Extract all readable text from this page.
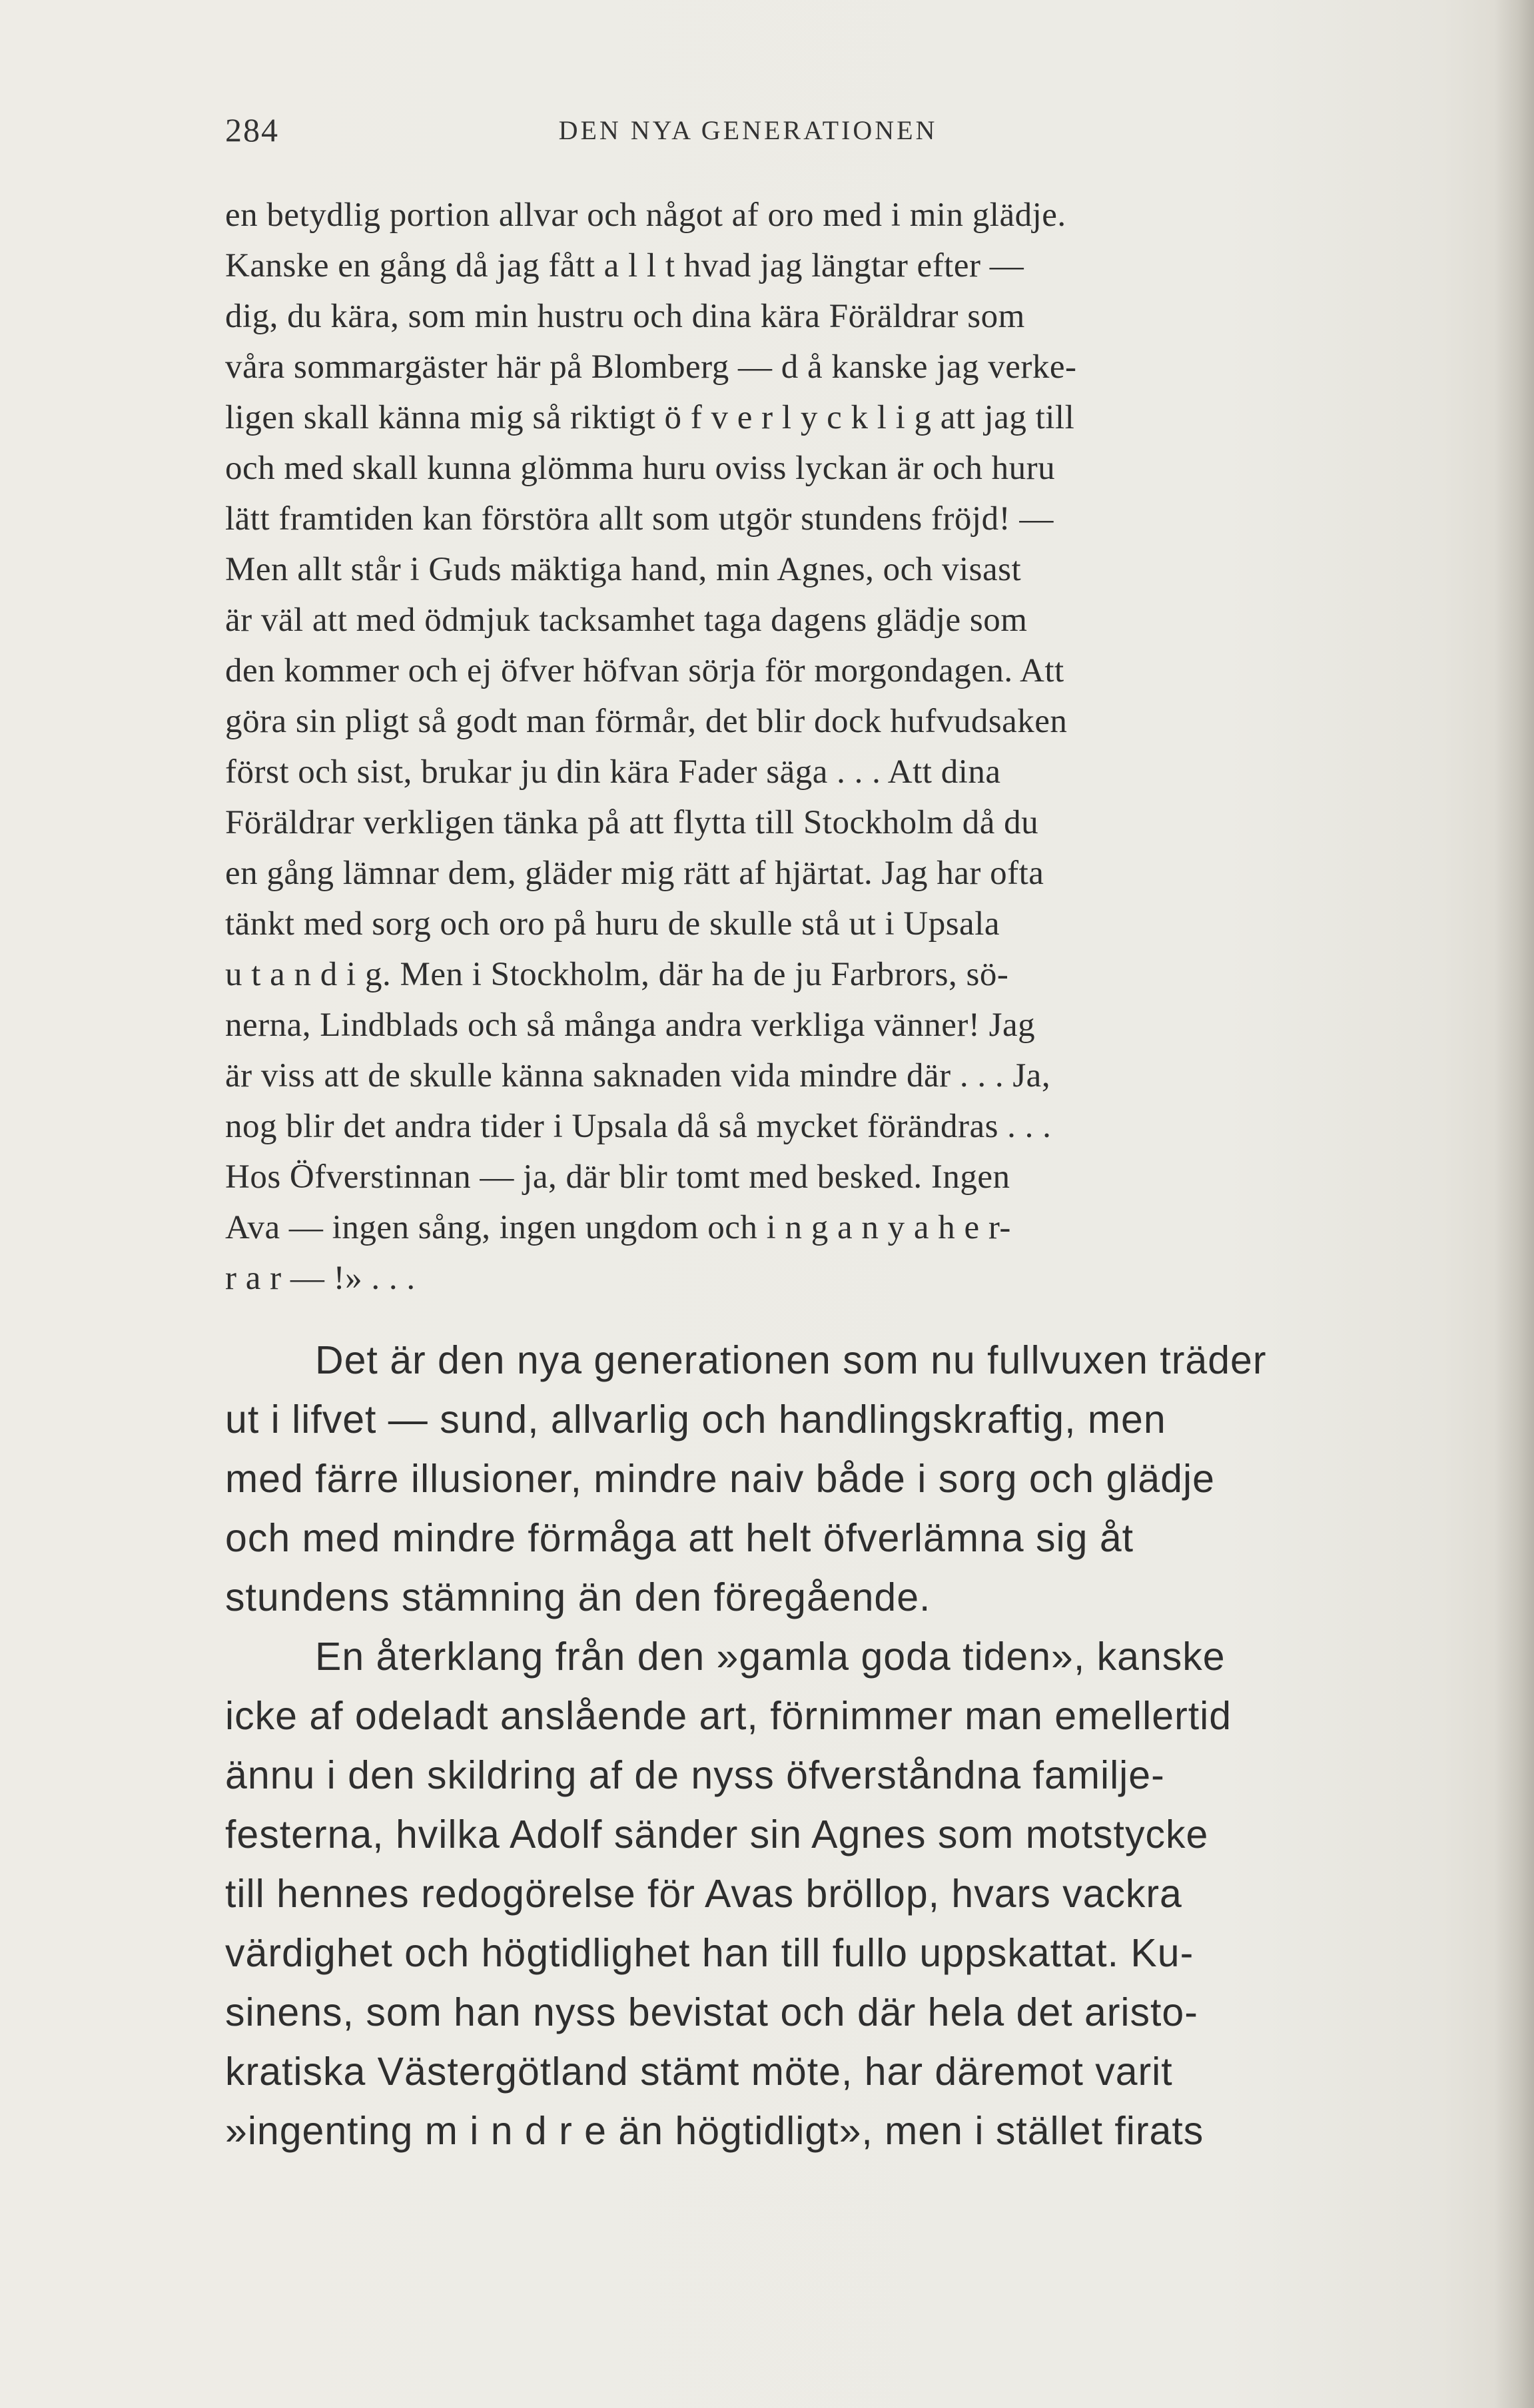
284	DEN NYA GENERATIONEN
en betydlig portion allvar och något af oro med i min glädje.
Kanske en gång då jag fått a l l t hvad jag längtar efter —
dig, du kära, som min hustru och dina kära Föräldrar som
våra sommargäster här på Blomberg — d å kanske jag verke-
ligen skall känna mig så riktigt ö f v e r l y c k l i g att jag till
och med skall kunna glömma huru oviss lyckan är och huru
lätt framtiden kan förstöra allt som utgör stundens fröjd! —
Men allt står i Guds mäktiga hand, min Agnes, och visast
är väl att med ödmjuk tacksamhet taga dagens glädje som
den kommer och ej öfver höfvan sörja för morgondagen. Att
göra sin pligt så godt man förmår, det blir dock hufvudsaken
först och sist, brukar ju din kära Fader säga . . . Att dina
Föräldrar verkligen tänka på att flytta till Stockholm då du
en gång lämnar dem, gläder mig rätt af hjärtat. Jag har ofta
tänkt med sorg och oro på huru de skulle stå ut i Upsala
u t a n d i g. Men i Stockholm, där ha de ju Farbrors, sö-
nerna, Lindblads och så många andra verkliga vänner! Jag
är viss att de skulle känna saknaden vida mindre där . . . Ja,
nog blir det andra tider i Upsala då så mycket förändras . . .
Hos Öfverstinnan — ja, där blir tomt med besked. Ingen
Ava — ingen sång, ingen ungdom och i n g a n y a h e r-
r a r — !» . . .
Det är den nya generationen som nu fullvuxen träder
ut i lifvet — sund, allvarlig och handlingskraftig, men
med färre illusioner, mindre naiv både i sorg och glädje
och med mindre förmåga att helt öfverlämna sig åt
stundens stämning än den föregående.
En återklang från den »gamla goda tiden», kanske
icke af odeladt anslående art, förnimmer man emellertid
ännu i den skildring af de nyss öfverståndna familje-
festerna, hvilka Adolf sänder sin Agnes som motstycke
till hennes redogörelse för Avas bröllop, hvars vackra
värdighet och högtidlighet han till fullo uppskattat. Ku-
sinens, som han nyss bevistat och där hela det aristo-
kratiska Västergötland stämt möte, har däremot varit
»ingenting m i n d r e än högtidligt», men i stället firats
